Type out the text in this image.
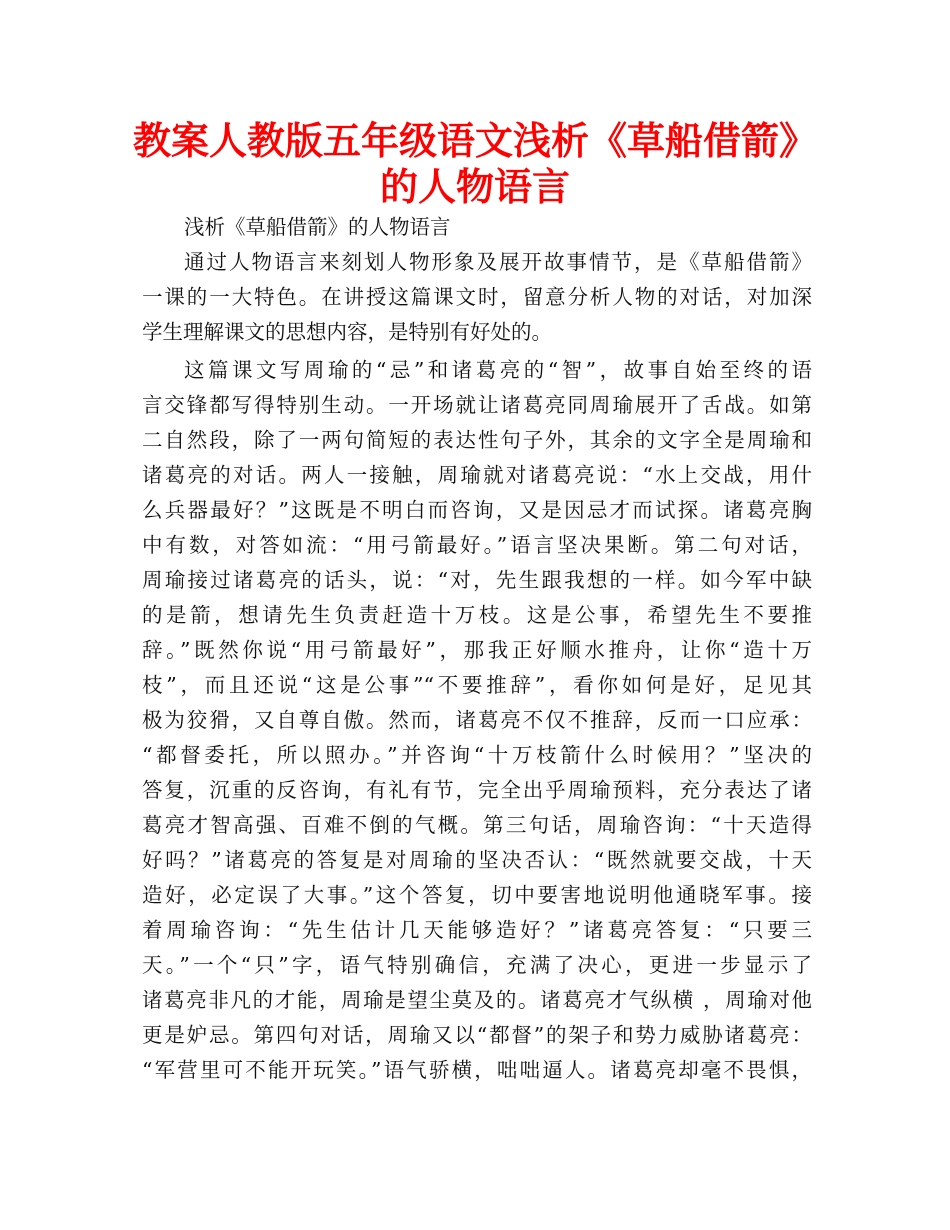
教案人教版五年级语文浅析《草船借箭》
的人物语言
浅析《草船借箭》的人物语言
通过人物语言来刻划人物形象及展开故事情节，是《草船借箭》
一课的一大特色。在讲授这篇课文时，留意分析人物的对话，对加深
学生理解课文的思想内容，是特别有好处的。
这篇课文写周瑜的“忌”和诸葛亮的“智”，故事自始至终的语
言交锋都写得特别生动。一开场就让诸葛亮同周瑜展开了舌战。如第
二自然段，除了一两句简短的表达性句子外，其余的文字全是周瑜和
诸葛亮的对话。两人一接触，周瑜就对诸葛亮说：“水上交战，用什
么兵器最好？”这既是不明白而咨询，又是因忌才而试探。诸葛亮胸
中有数，对答如流：“用弓箭最好。”语言坚决果断。第二句对话，
周瑜接过诸葛亮的话头，说：“对，先生跟我想的一样。如今军中缺
的是箭，想请先生负责赶造十万枝。这是公事，希望先生不要推
辞。”既然你说“用弓箭最好”，那我正好顺水推舟，让你“造十万
枝”，而且还说“这是公事”“不要推辞”，看你如何是好，足见其
极为狡猾，又自尊自傲。然而，诸葛亮不仅不推辞，反而一口应承：
“都督委托，所以照办。”并咨询“十万枝箭什么时候用？”坚决的
答复，沉重的反咨询，有礼有节，完全出乎周瑜预料，充分表达了诸
葛亮才智高强、百难不倒的气概。第三句话，周瑜咨询：“十天造得
好吗？”诸葛亮的答复是对周瑜的坚决否认：“既然就要交战，十天
造好，必定误了大事。”这个答复，切中要害地说明他通晓军事。接
着周瑜咨询：“先生估计几天能够造好？”诸葛亮答复：“只要三
天。”一个“只”字，语气特别确信，充满了决心，更进一步显示了
诸葛亮非凡的才能，周瑜是望尘莫及的。诸葛亮才气纵横 ，周瑜对他
更是妒忌。第四句对话，周瑜又以“都督”的架子和势力威胁诸葛亮：
“军营里可不能开玩笑。”语气骄横，咄咄逼人。诸葛亮却毫不畏惧，
